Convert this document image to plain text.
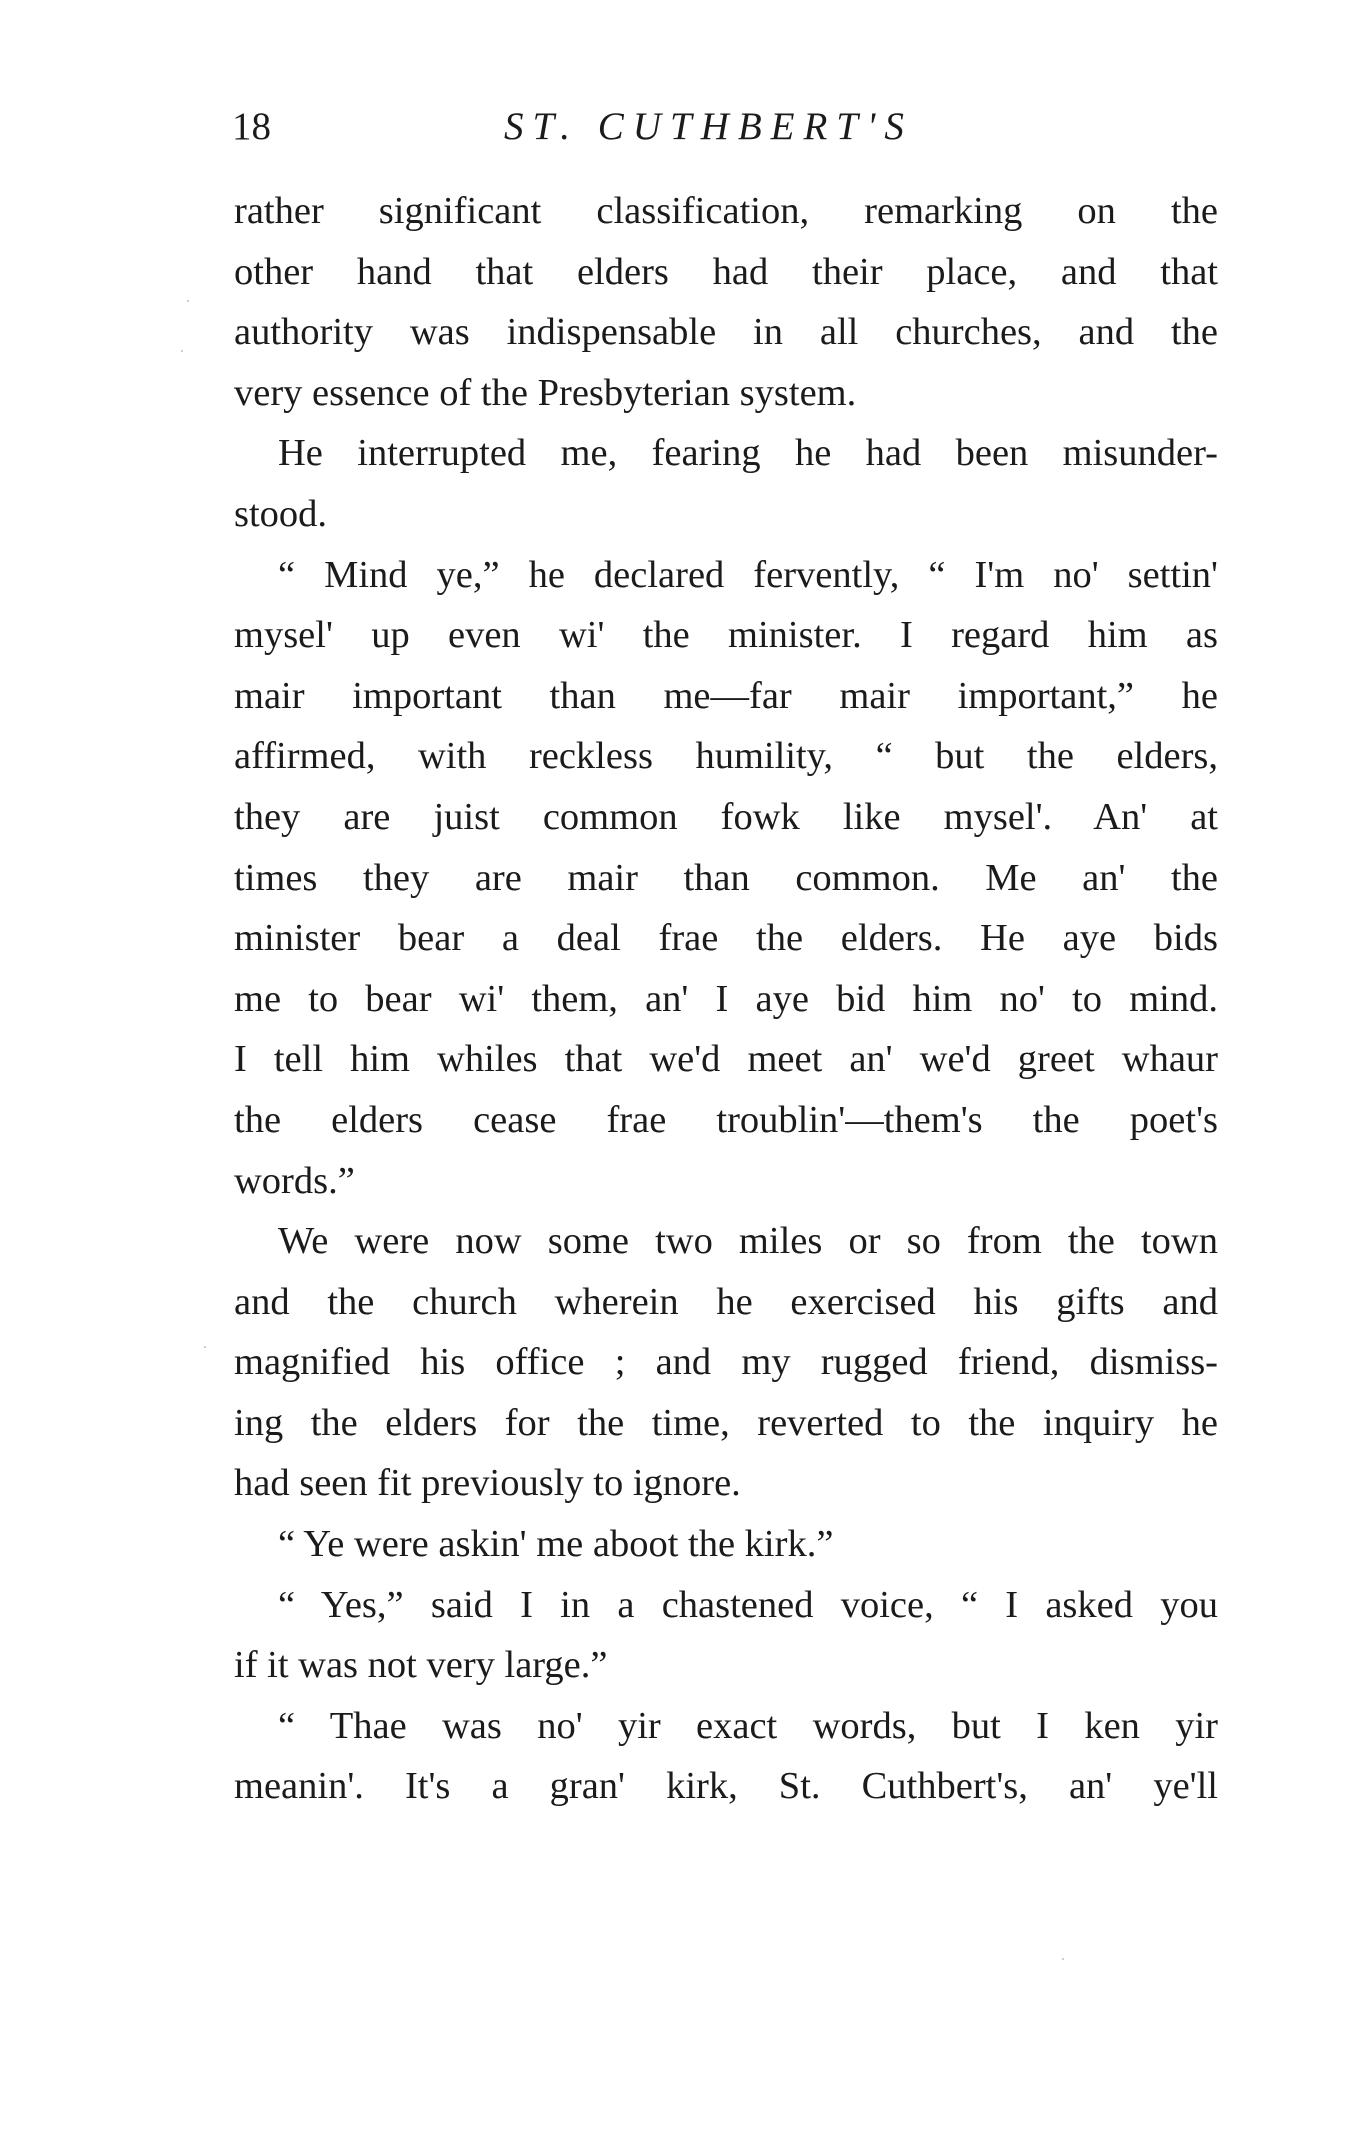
18	ST. CUTHBERT'S
rather significant classification, remarking on the
other hand that elders had their place, and that
authority was indispensable in all churches, and the
very essence of the Presbyterian system.
He interrupted me, fearing he had been misunder-
stood.
“ Mind ye,” he declared fervently, “ I'm no' settin'
mysel' up even wi' the minister. I regard him as
mair important than me—far mair important,” he
affirmed, with reckless humility, “ but the elders,
they are juist common fowk like mysel'. An' at
times they are mair than common. Me an' the
minister bear a deal frae the elders. He aye bids
me to bear wi' them, an' I aye bid him no' to mind.
I tell him whiles that we'd meet an' we'd greet whaur
the elders cease frae troublin'—them's the poet's
words.”
We were now some two miles or so from the town
and the church wherein he exercised his gifts and
magnified his office ; and my rugged friend, dismiss-
ing the elders for the time, reverted to the inquiry he
had seen fit previously to ignore.
“ Ye were askin' me aboot the kirk.”
“ Yes,” said I in a chastened voice, “ I asked you
if it was not very large.”
“ Thae was no' yir exact words, but I ken yir
meanin'. It's a gran' kirk, St. Cuthbert's, an' ye'll
